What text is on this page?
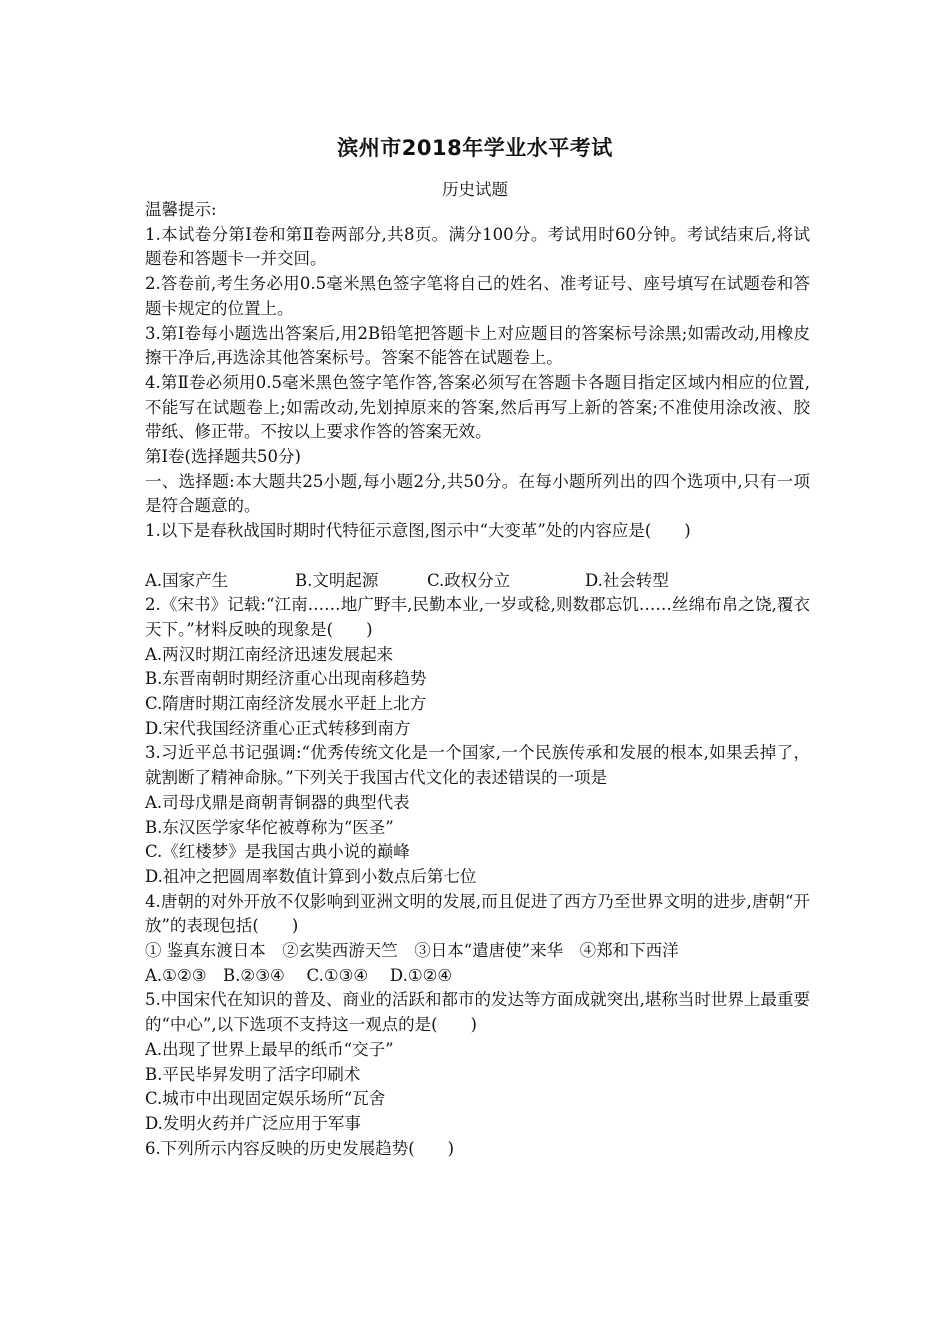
滨州市2018年学业水平考试
历史试题

温馨提示:

1.本试卷分第Ⅰ卷和第Ⅱ卷两部分,共8页。满分100分。考试用时60分钟。考试结束后,将试题卷和答题卡一并交回。

2.答卷前,考生务必用0.5毫米黑色签字笔将自己的姓名、准考证号、座号填写在试题卷和答题卡规定的位置上。

3.第I卷每小题选出答案后,用2B铅笔把答题卡上对应题目的答案标号涂黑;如需改动,用橡皮擦干净后,再选涂其他答案标号。答案不能答在试题卷上。

4.第Ⅱ卷必须用0.5毫米黑色签字笔作答,答案必须写在答题卡各题目指定区域内相应的位置,不能写在试题卷上;如需改动,先划掉原来的答案,然后再写上新的答案;不准使用涂改液、胶带纸、修正带。不按以上要求作答的答案无效。

第I卷(选择题共50分)

一、选择题:本大题共25小题,每小题2分,共50分。在每小题所列出的四个选项中,只有一项是符合题意的。

1.以下是春秋战国时期时代特征示意图,图示中“大变革”处的内容应是(　　)

A.国家产生	B.文明起源	C.政权分立	D.社会转型

2.《宋书》记载:“江南……地广野丰,民勤本业,一岁或稔,则数郡忘饥……丝绵布帛之饶,覆衣天下。”材料反映的现象是(　　)

A.两汉时期江南经济迅速发展起来

B.东晋南朝时期经济重心出现南移趋势

C.隋唐时期江南经济发展水平赶上北方

D.宋代我国经济重心正式转移到南方

3.习近平总书记强调:“优秀传统文化是一个国家,一个民族传承和发展的根本,如果丢掉了，就割断了精神命脉。”下列关于我国古代文化的表述错误的一项是

A.司母戊鼎是商朝青铜器的典型代表

B.东汉医学家华佗被尊称为“医圣”

C.《红楼梦》是我国古典小说的巅峰

D.祖冲之把圆周率数值计算到小数点后第七位

4.唐朝的对外开放不仅影响到亚洲文明的发展,而且促进了西方乃至世界文明的进步,唐朝“开放”的表现包括(　　)

① 鉴真东渡日本　②玄奘西游天竺　③日本“遣唐使”来华　④郑和下西洋

A.①②③　B.②③④　 C.①③④　 D.①②④

5.中国宋代在知识的普及、商业的活跃和都市的发达等方面成就突出,堪称当时世界上最重要的“中心”,以下选项不支持这一观点的是(　　)

A.出现了世界上最早的纸币“交子”

B.平民毕昇发明了活字印刷术

C.城市中出现固定娱乐场所“瓦舍

D.发明火药并广泛应用于军事

6.下列所示内容反映的历史发展趋势(　　)
